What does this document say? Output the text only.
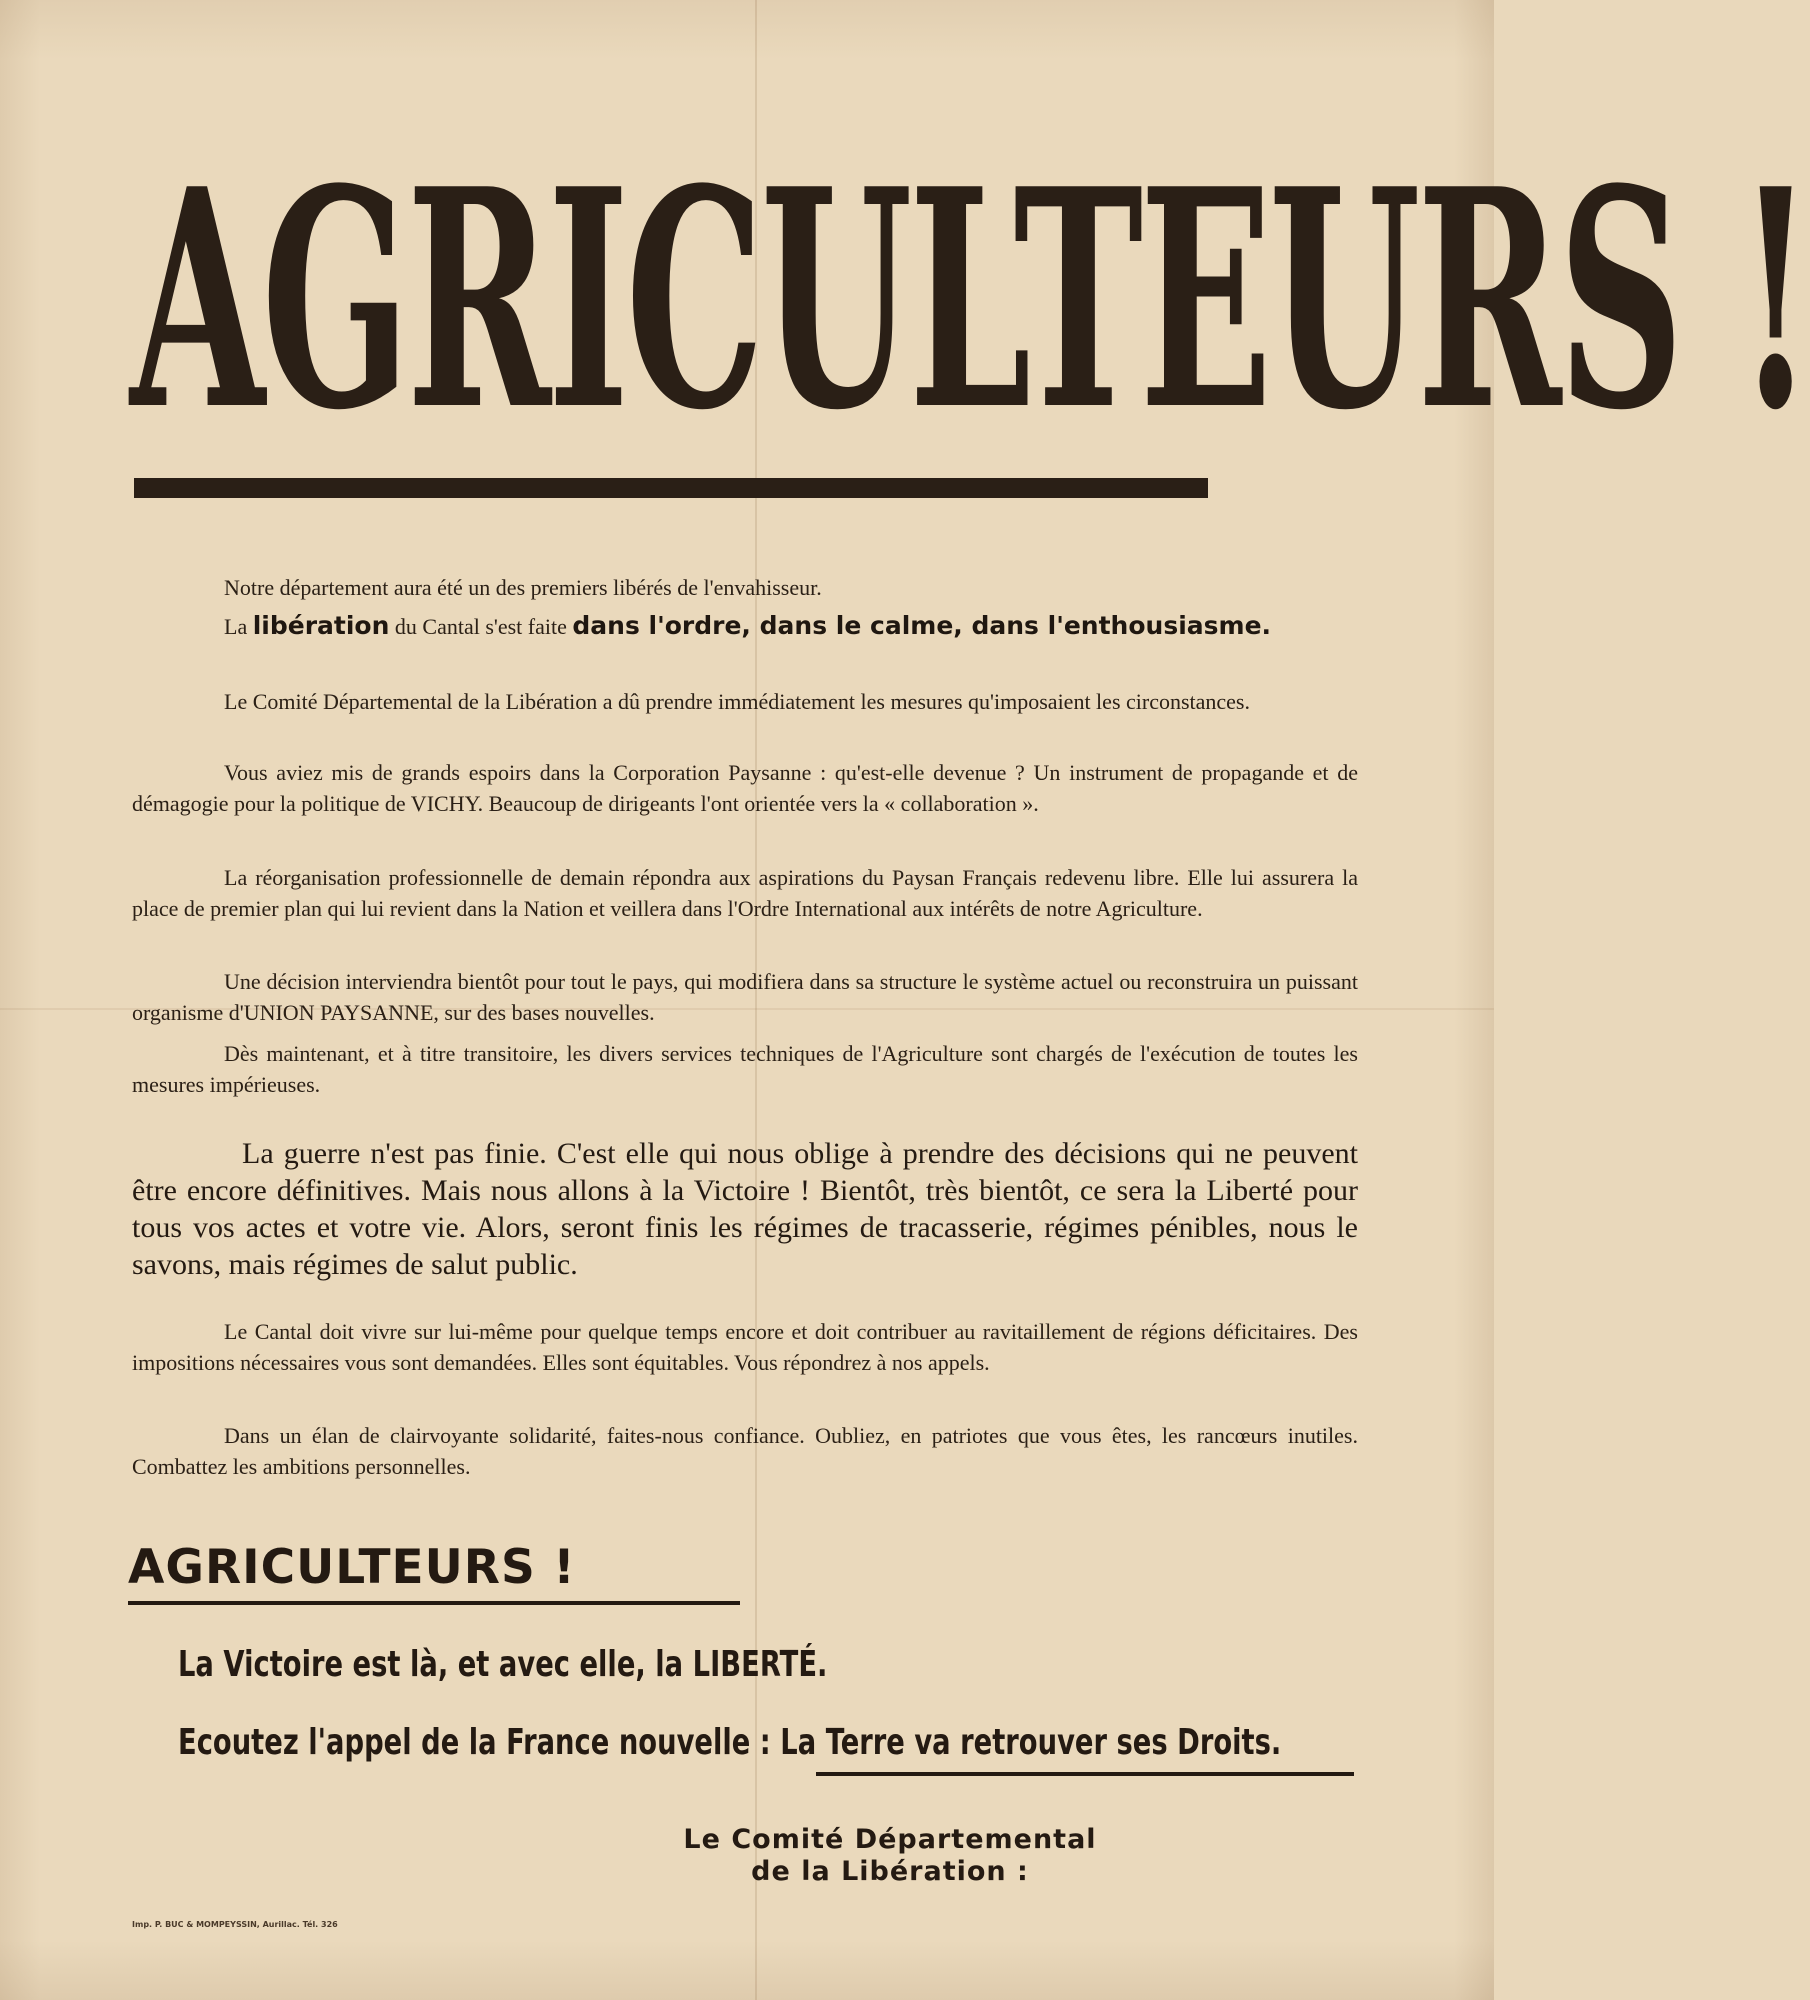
AGRICULTEURS !

Notre département aura été un des premiers libérés de l'envahisseur.

La libération du Cantal s'est faite dans l'ordre, dans le calme, dans l'enthousiasme.

Le Comité Départemental de la Libération a dû prendre immédiatement les mesures qu'imposaient les circonstances.

Vous aviez mis de grands espoirs dans la Corporation Paysanne : qu'est-elle devenue ? Un instrument de propagande et de démagogie pour la politique de VICHY. Beaucoup de dirigeants l'ont orientée vers la « collaboration ».

La réorganisation professionnelle de demain répondra aux aspirations du Paysan Français redevenu libre. Elle lui assurera la place de premier plan qui lui revient dans la Nation et veillera dans l'Ordre International aux intérêts de notre Agriculture.

Une décision interviendra bientôt pour tout le pays, qui modifiera dans sa structure le système actuel ou reconstruira un puissant organisme d'UNION PAYSANNE, sur des bases nouvelles.

Dès maintenant, et à titre transitoire, les divers services techniques de l'Agriculture sont chargés de l'exécution de toutes les mesures impérieuses.

La guerre n'est pas finie. C'est elle qui nous oblige à prendre des décisions qui ne peuvent être encore définitives. Mais nous allons à la Victoire ! Bientôt, très bientôt, ce sera la Liberté pour tous vos actes et votre vie. Alors, seront finis les régimes de tracasserie, régimes pénibles, nous le savons, mais régimes de salut public.

Le Cantal doit vivre sur lui-même pour quelque temps encore et doit contribuer au ravitaillement de régions déficitaires. Des impositions nécessaires vous sont demandées. Elles sont équitables. Vous répondrez à nos appels.

Dans un élan de clairvoyante solidarité, faites-nous confiance. Oubliez, en patriotes que vous êtes, les rancœurs inutiles. Combattez les ambitions personnelles.

AGRICULTEURS !
La Victoire est là, et avec elle, la LIBERTÉ.
Ecoutez l'appel de la France nouvelle : La Terre va retrouver ses Droits.
Le Comité Départemental
de la Libération :
Imp. P. BUC & MOMPEYSSIN, Aurillac. Tél. 326
